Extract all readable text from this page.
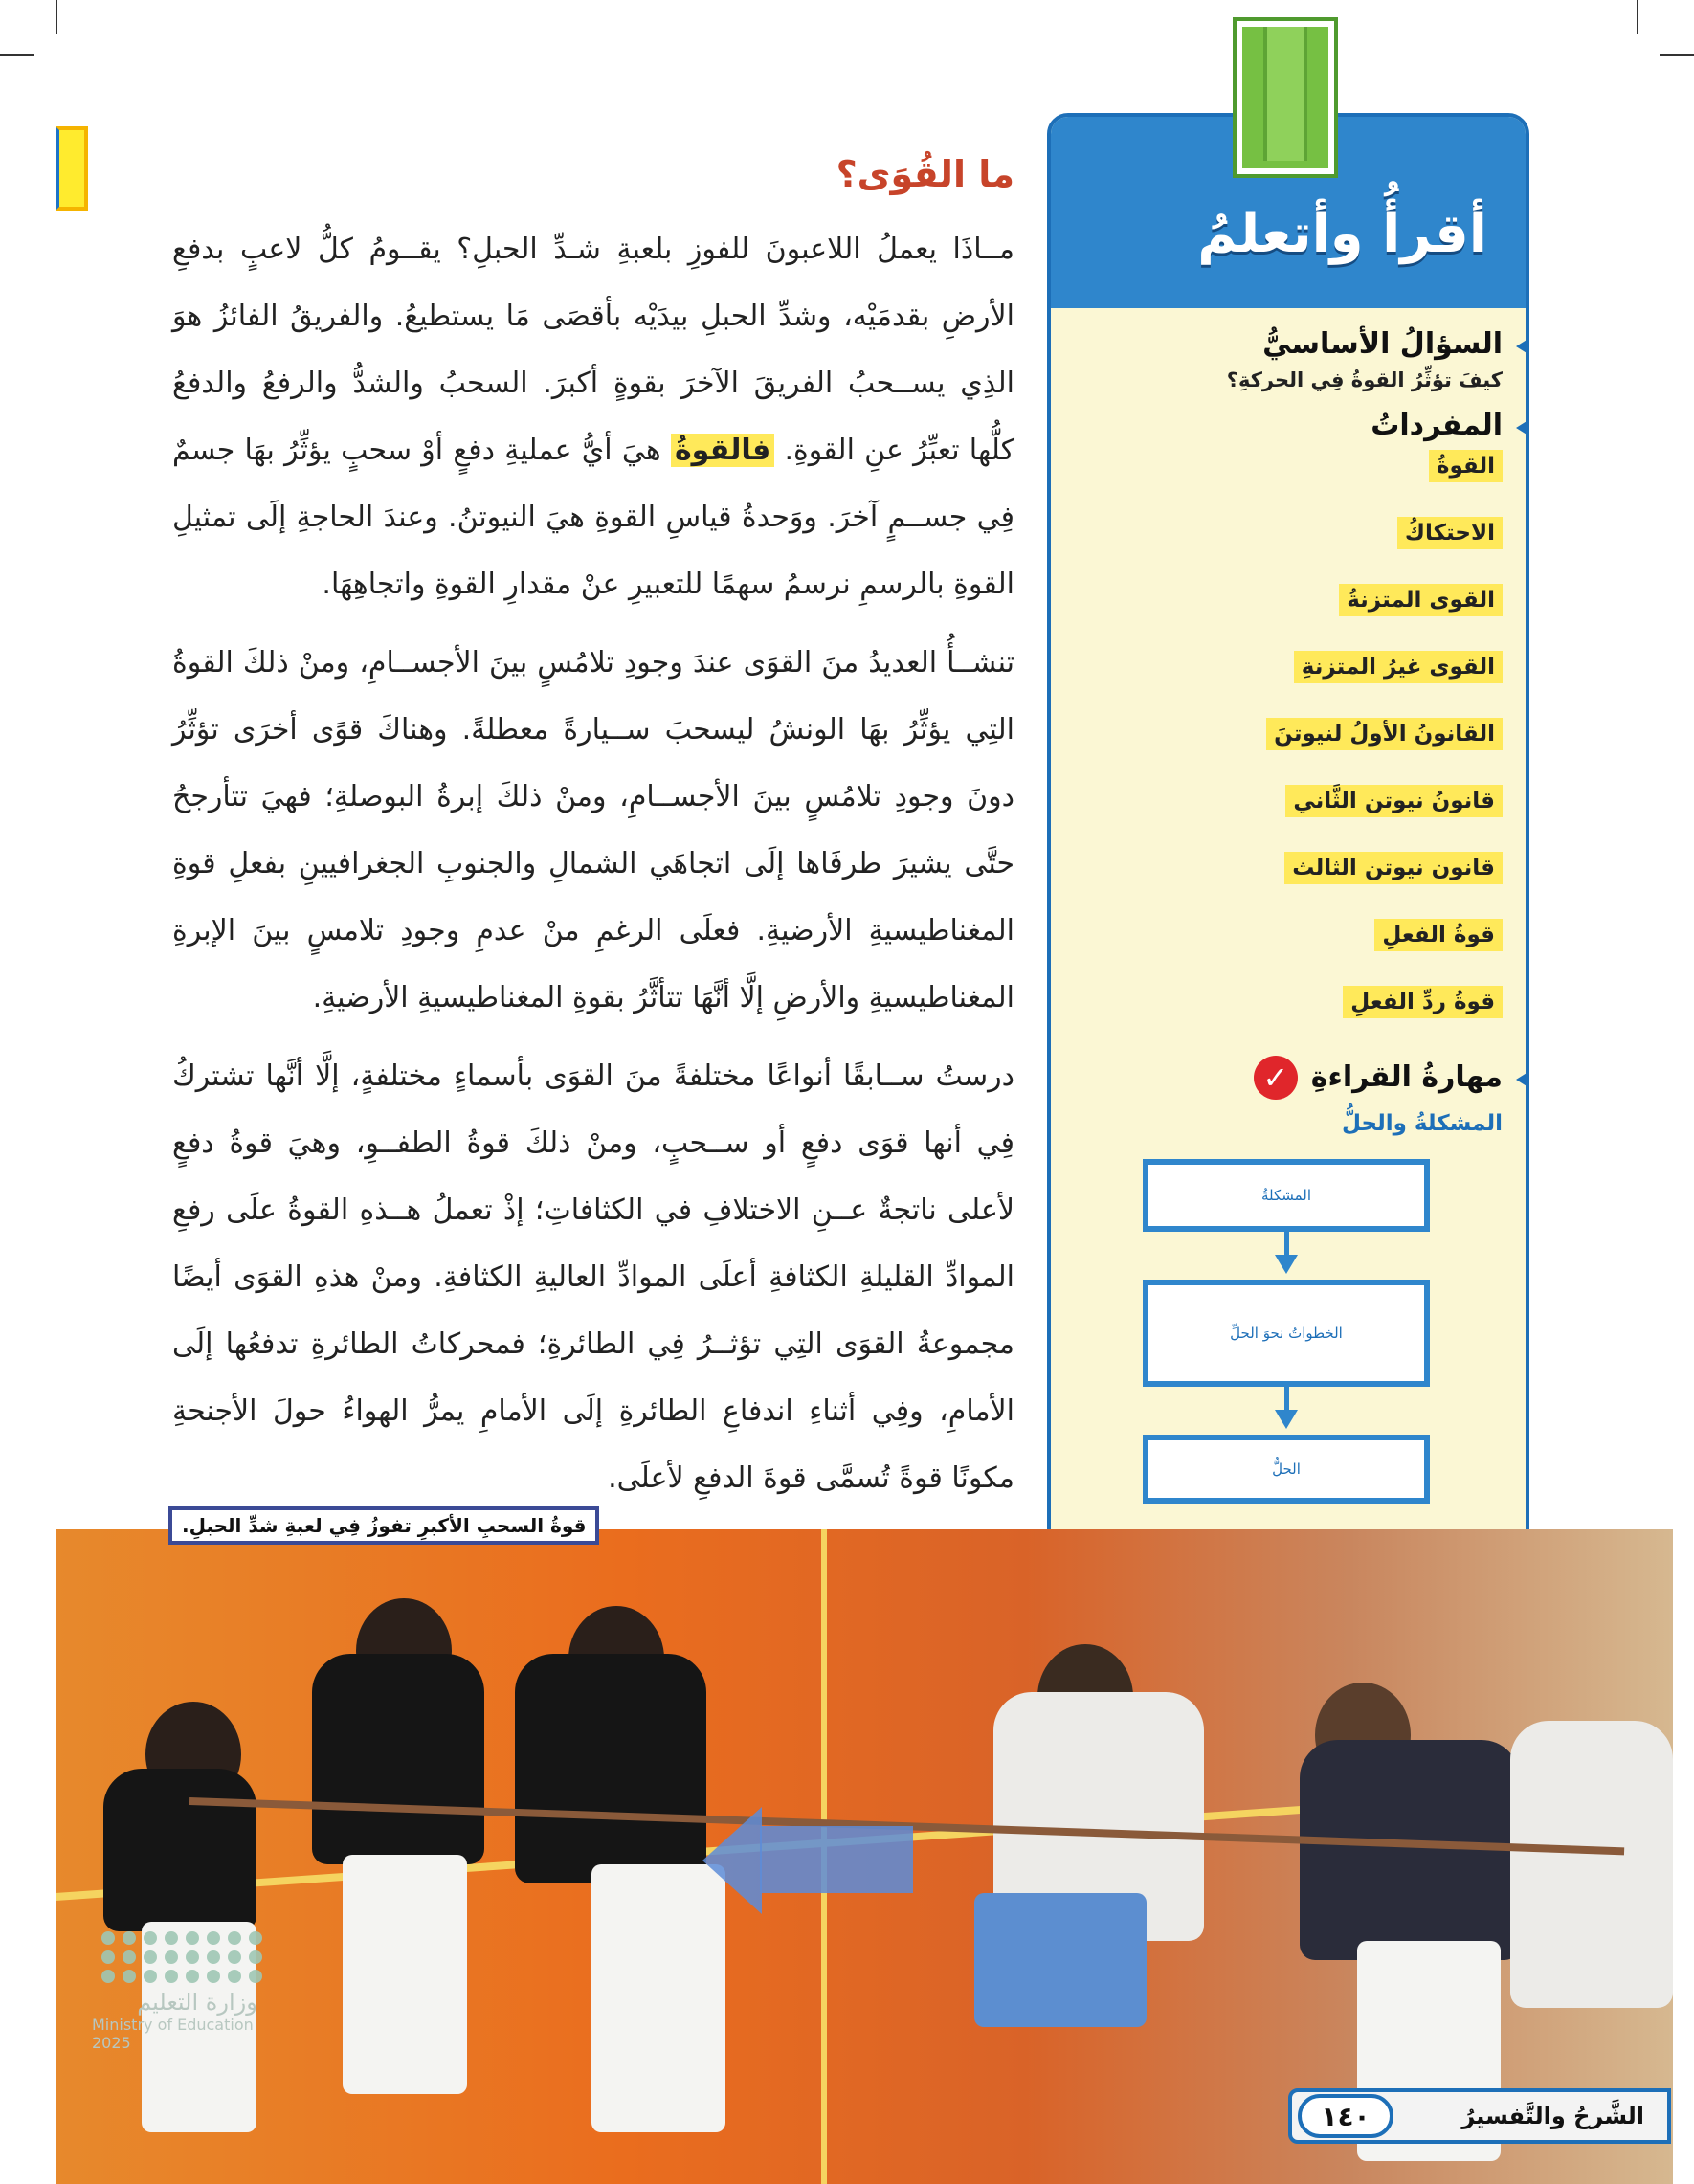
ما القُوَى؟

مــاذَا يعملُ اللاعبونَ للفوزِ بلعبةِ شـدِّ الحبلِ؟ يقــومُ كلُّ لاعبٍ بدفعِ الأرضِ بقدمَيْه، وشدِّ الحبلِ بيدَيْه بأقصَى مَا يستطيعُ. والفريقُ الفائزُ هوَ الذِي يســحبُ الفريقَ الآخرَ بقوةٍ أكبرَ. السحبُ والشدُّ والرفعُ والدفعُ كلُّها تعبِّرُ عنِ القوةِ. فالقوةُ هيَ أيُّ عمليةِ دفعٍ أوْ سحبٍ يؤثِّرُ بهَا جسمٌ فِي جســمٍ آخرَ. ووَحدةُ قياسِ القوةِ هيَ النيوتنُ. وعندَ الحاجةِ إلَى تمثيلِ القوةِ بالرسمِ نرسمُ سهمًا للتعبيرِ عنْ مقدارِ القوةِ واتجاهِهَا.

تنشــأُ العديدُ منَ القوَى عندَ وجودِ تلامُسٍ بينَ الأجســامِ، ومنْ ذلكَ القوةُ التِي يؤثِّرُ بهَا الونشُ ليسحبَ ســيارةً معطلةً. وهناكَ قوًى أخرَى تؤثِّرُ دونَ وجودِ تلامُسٍ بينَ الأجســامِ، ومنْ ذلكَ إبرةُ البوصلةِ؛ فهيَ تتأرجحُ حتَّى يشيرَ طرفَاها إلَى اتجاهَي الشمالِ والجنوبِ الجغرافيينِ بفعلِ قوةِ المغناطيسيةِ الأرضيةِ. فعلَى الرغمِ منْ عدمِ وجودِ تلامسٍ بينَ الإبرةِ المغناطيسيةِ والأرضِ إلَّا أنَّهَا تتأثَّرُ بقوةِ المغناطيسيةِ الأرضيةِ.

درستُ ســابقًا أنواعًا مختلفةً منَ القوَى بأسماءٍ مختلفةٍ، إلَّا أنَّها تشتركُ فِي أنها قوَى دفعٍ أو ســحبٍ، ومنْ ذلكَ قوةُ الطفــوِ، وهيَ قوةُ دفعٍ لأعلى ناتجةٌ عــنِ الاختلافِ في الكثافاتِ؛ إذْ تعملُ هــذهِ القوةُ علَى رفعِ الموادِّ القليلةِ الكثافةِ أعلَى الموادِّ العاليةِ الكثافةِ. ومنْ هذهِ القوَى أيضًا مجموعةُ القوَى التِي تؤثــرُ فِي الطائرةِ؛ فمحركاتُ الطائرةِ تدفعُها إلَى الأمامِ، وفِي أثناءِ اندفاعِ الطائرةِ إلَى الأمامِ يمرُّ الهواءُ حولَ الأجنحةِ مكونًا قوةً تُسمَّى قوةَ الدفعِ لأعلَى.

أقرأُ وأتعلمُ
السؤالُ الأساسيُّ
كيفَ تؤثِّرُ القوةُ فِي الحركةِ؟
المفرداتُ
القوةُ
الاحتكاكُ
القوى المتزنةُ
القوى غيرُ المتزنةِ
القانونُ الأولُ لنيوتنَ
قانونُ نيوتن الثَّاني
قانون نيوتن الثالث
قوةُ الفعلِ
قوةُ ردِّ الفعلِ
مهارةُ القراءةِ
✓
المشكلةُ والحلُّ
المشكلةُ
الخطواتُ نحوَ الحلِّ
الحلُّ
قوةُ السحبِ الأكبرِ تفوزُ فِي لعبةِ شدِّ الحبلِ.
وزارة التعليم
Ministry of Education
2025
الشَّرحُ والتَّفسيرُ
١٤٠
